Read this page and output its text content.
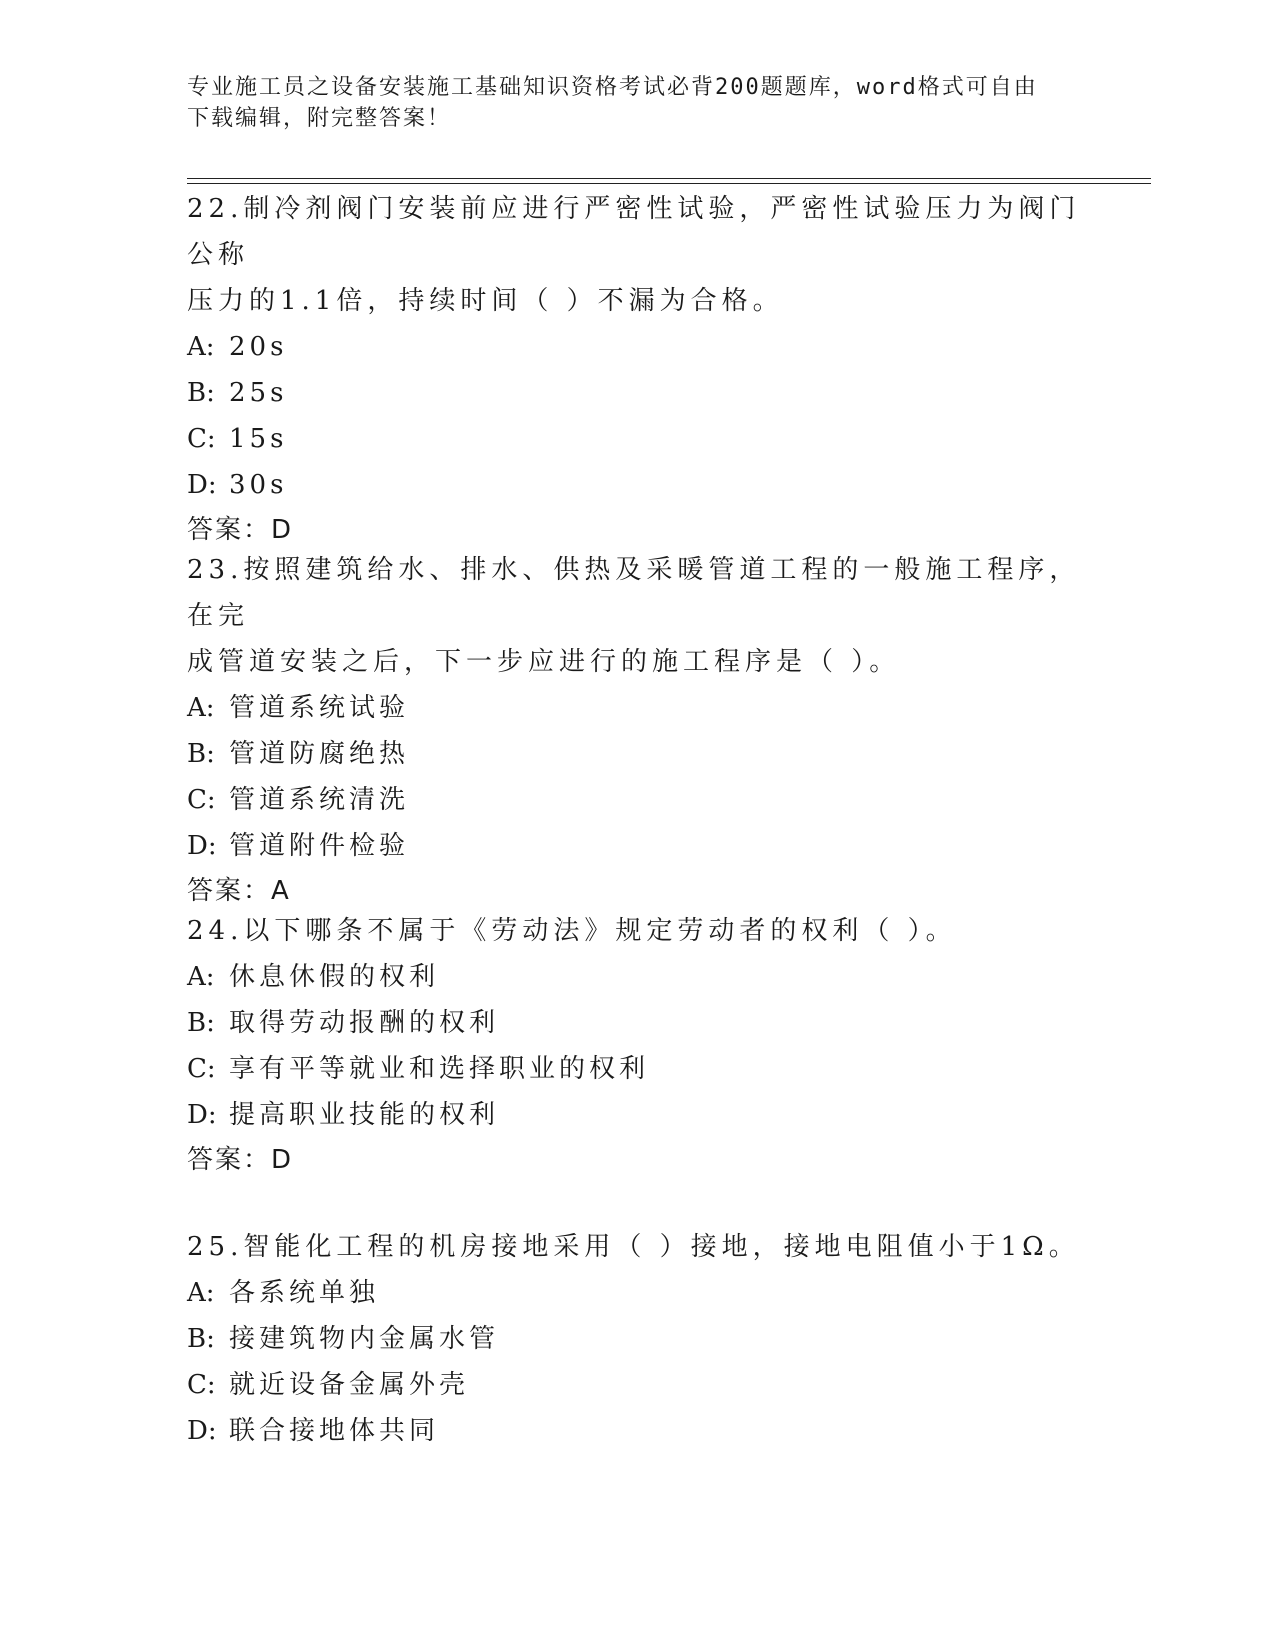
专业施工员之设备安装施工基础知识资格考试必背200题题库，word格式可自由
下载编辑，附完整答案！
22.制冷剂阀门安装前应进行严密性试验，严密性试验压力为阀门公称
压力的1.1倍，持续时间（ ）不漏为合格。
A: 20s
B: 25s
C: 15s
D: 30s
答案：D
23.按照建筑给水、排水、供热及采暖管道工程的一般施工程序，在完
成管道安装之后，下一步应进行的施工程序是（ ）。
A: 管道系统试验
B: 管道防腐绝热
C: 管道系统清洗
D: 管道附件检验
答案：A
24.以下哪条不属于《劳动法》规定劳动者的权利（ ）。
A: 休息休假的权利
B: 取得劳动报酬的权利
C: 享有平等就业和选择职业的权利
D: 提高职业技能的权利
答案：D
25.智能化工程的机房接地采用（ ）接地，接地电阻值小于1Ω。
A: 各系统单独
B: 接建筑物内金属水管
C: 就近设备金属外壳
D: 联合接地体共同
